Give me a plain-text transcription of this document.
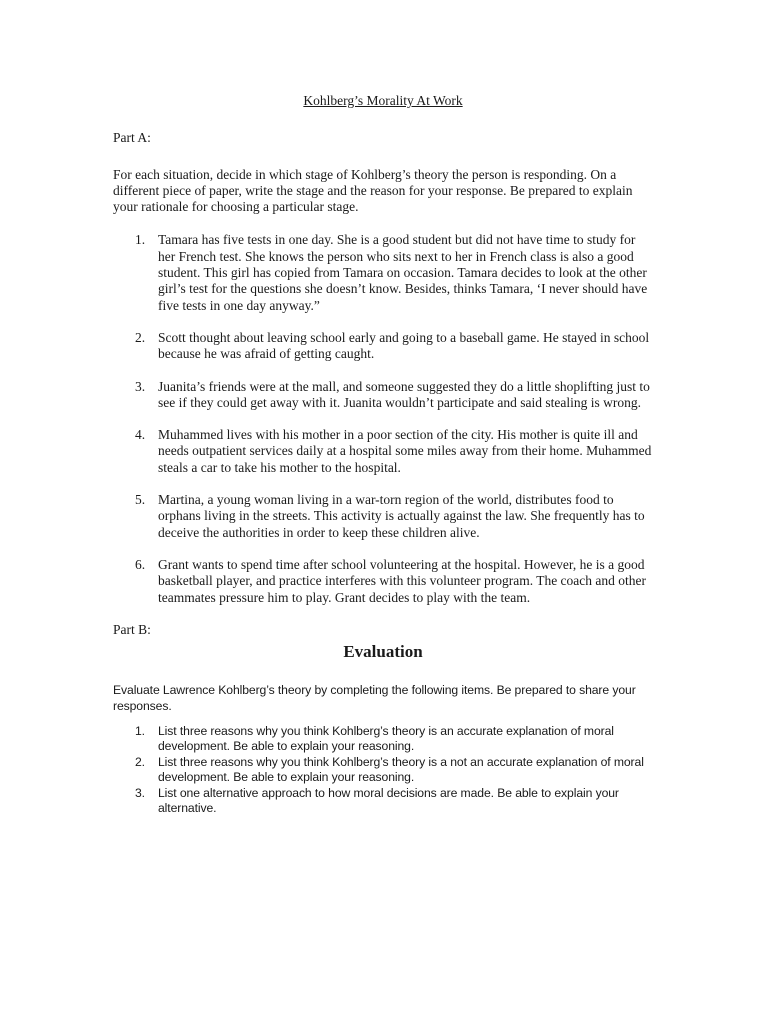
Kohlberg’s Morality At Work

Part A:

For each situation, decide in which stage of Kohlberg’s theory the person is responding. On a different piece of paper, write the stage and the reason for your response. Be prepared to explain your rationale for choosing a particular stage.

1. Tamara has five tests in one day. She is a good student but did not have time to study for her French test. She knows the person who sits next to her in French class is also a good student. This girl has copied from Tamara on occasion. Tamara decides to look at the other girl’s test for the questions she doesn’t know. Besides, thinks Tamara, ‘I never should have five tests in one day anyway.”
2. Scott thought about leaving school early and going to a baseball game. He stayed in school because he was afraid of getting caught.
3. Juanita’s friends were at the mall, and someone suggested they do a little shoplifting just to see if they could get away with it. Juanita wouldn’t participate and said stealing is wrong.
4. Muhammed lives with his mother in a poor section of the city. His mother is quite ill and needs outpatient services daily at a hospital some miles away from their home. Muhammed steals a car to take his mother to the hospital.
5. Martina, a young woman living in a war-torn region of the world, distributes food to orphans living in the streets. This activity is actually against the law. She frequently has to deceive the authorities in order to keep these children alive.
6. Grant wants to spend time after school volunteering at the hospital. However, he is a good basketball player, and practice interferes with this volunteer program. The coach and other teammates pressure him to play. Grant decides to play with the team.

Part B:

Evaluation

Evaluate Lawrence Kohlberg’s theory by completing the following items. Be prepared to share your responses.

1. List three reasons why you think Kohlberg’s theory is an accurate explanation of moral development. Be able to explain your reasoning.
2. List three reasons why you think Kohlberg’s theory is a not an accurate explanation of moral development. Be able to explain your reasoning.
3. List one alternative approach to how moral decisions are made. Be able to explain your alternative.
